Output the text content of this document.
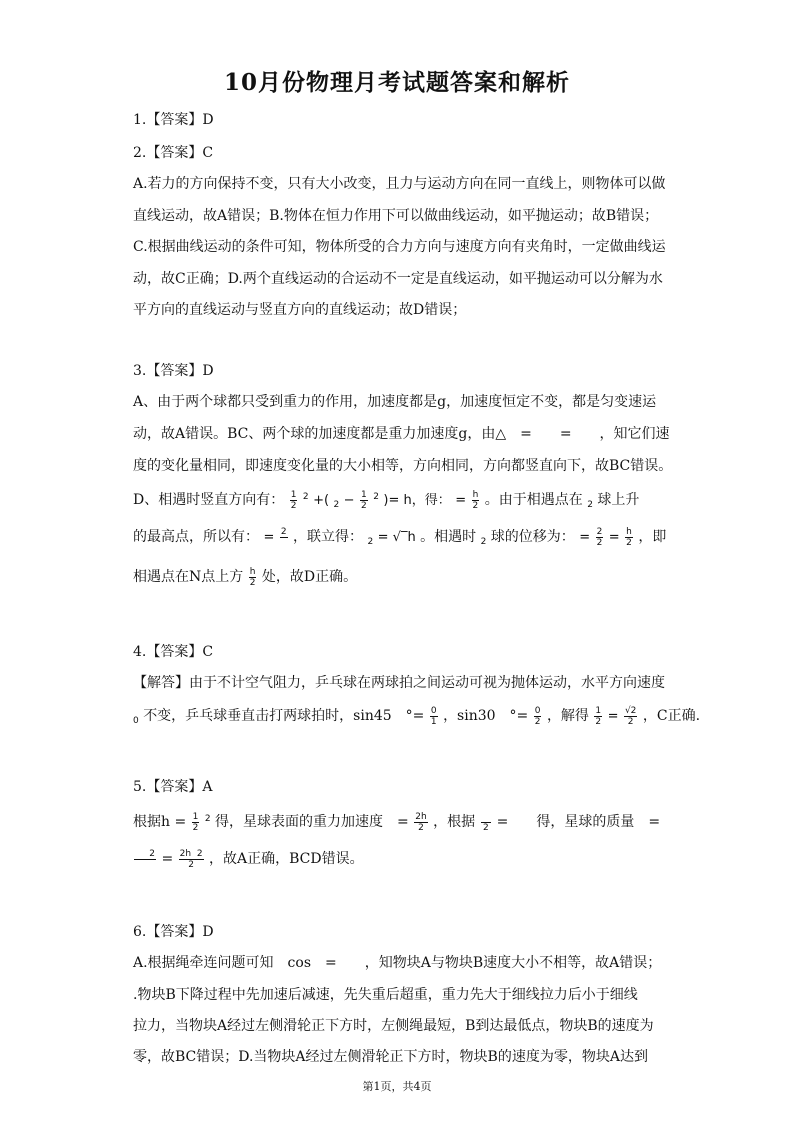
10月份物理月考试题答案和解析
1.【答案】D
2.【答案】C
A.若力的方向保持不变，只有大小改变，且力与运动方向在同一直线上，则物体可以做
直线运动，故A错误；B.物体在恒力作用下可以做曲线运动，如平抛运动；故B错误；
C.根据曲线运动的条件可知，物体所受的合力方向与速度方向有夹角时，一定做曲线运
动，故C正确；D.两个直线运动的合运动不一定是直线运动，如平抛运动可以分解为水
平方向的直线运动与竖直方向的直线运动；故D错误；
3.【答案】D
A、由于两个球都只受到重力的作用，加速度都是g，加速度恒定不变，都是匀变速运
动，故A错误。BC、两个球的加速度都是重力加速度g，由△　=　　=　　，知它们速
度的变化量相同，即速度变化量的大小相等，方向相同，方向都竖直向下，故BC错误。
D、相遇时竖直方向有： $\frac{1}{2} ^2$ +( $_2 - \frac{1}{2} ^2$ )= h，得： = $\frac{h}{2}$ 。由于相遇点在 $_2$ 球上升
的最高点，所以有： = 2
，联立得： $_2$ = √‾h 。相遇时 $_2$ 球的位移为： = $\frac{2}{2} = \frac{h}{2}$ ，即
相遇点在N点上方 $\frac{h}{2}$ 处，故D正确。
4.【答案】C
【解答】由于不计空气阻力，乒乓球在两球拍之间运动可视为抛体运动，水平方向速度
$_0$ 不变，乒乓球垂直击打两球拍时，sin45　°= $\frac{0}{1}$ ，sin30　°= $\frac{0}{2}$ ，解得 $\frac{1}{2} = \frac{√2}{2}$ ，C正确.
5.【答案】A
根据$h = \frac{1}{2} ^2$ 得，星球表面的重力加速度　= $\frac{2h}{2}$ ，根据
2 =　　得，星球的质量　=
2
= $\frac{2h 2}{2}$ ，故A正确，BCD错误。
6.【答案】D
A.根据绳牵连问题可知　cos　=　　，知物块A与物块B速度大小不相等，故A错误；
.物块B下降过程中先加速后减速，先失重后超重，重力先大于细线拉力后小于细线
拉力，当物块A经过左侧滑轮正下方时，左侧绳最短，B到达最低点，物块B的速度为
零，故BC错误；D.当物块A经过左侧滑轮正下方时，物块B的速度为零，物块A达到
第1页，共4页
